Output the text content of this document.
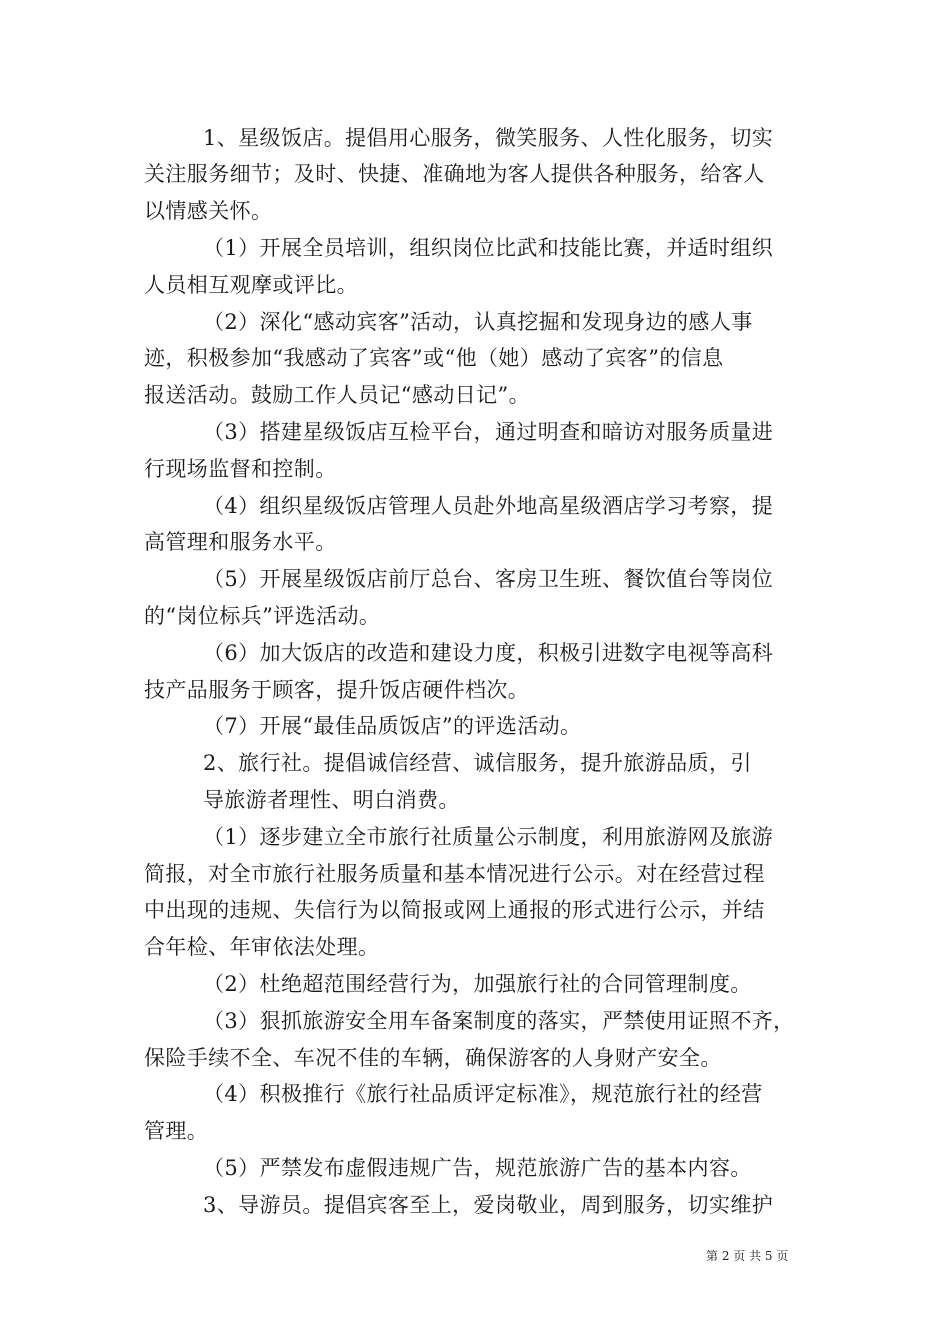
1、星级饭店。提倡用心服务，微笑服务、人性化服务，切实
关注服务细节；及时、快捷、准确地为客人提供各种服务，给客人
以情感关怀。
（1）开展全员培训，组织岗位比武和技能比赛，并适时组织
人员相互观摩或评比。
（2）深化“感动宾客”活动，认真挖掘和发现身边的感人事
迹，积极参加“我感动了宾客”或“他（她）感动了宾客”的信息
报送活动。鼓励工作人员记“感动日记”。
（3）搭建星级饭店互检平台，通过明查和暗访对服务质量进
行现场监督和控制。
（4）组织星级饭店管理人员赴外地高星级酒店学习考察，提
高管理和服务水平。
（5）开展星级饭店前厅总台、客房卫生班、餐饮值台等岗位
的“岗位标兵”评选活动。
（6）加大饭店的改造和建设力度，积极引进数字电视等高科
技产品服务于顾客，提升饭店硬件档次。
（7）开展“最佳品质饭店”的评选活动。
2、旅行社。提倡诚信经营、诚信服务，提升旅游品质，引
导旅游者理性、明白消费。
（1）逐步建立全市旅行社质量公示制度，利用旅游网及旅游
简报，对全市旅行社服务质量和基本情况进行公示。对在经营过程
中出现的违规、失信行为以简报或网上通报的形式进行公示，并结
合年检、年审依法处理。
（2）杜绝超范围经营行为，加强旅行社的合同管理制度。
（3）狠抓旅游安全用车备案制度的落实，严禁使用证照不齐，
保险手续不全、车况不佳的车辆，确保游客的人身财产安全。
（4）积极推行《旅行社品质评定标准》，规范旅行社的经营
管理。
（5）严禁发布虚假违规广告，规范旅游广告的基本内容。
3、导游员。提倡宾客至上，爱岗敬业，周到服务，切实维护
第 2 页 共 5 页
